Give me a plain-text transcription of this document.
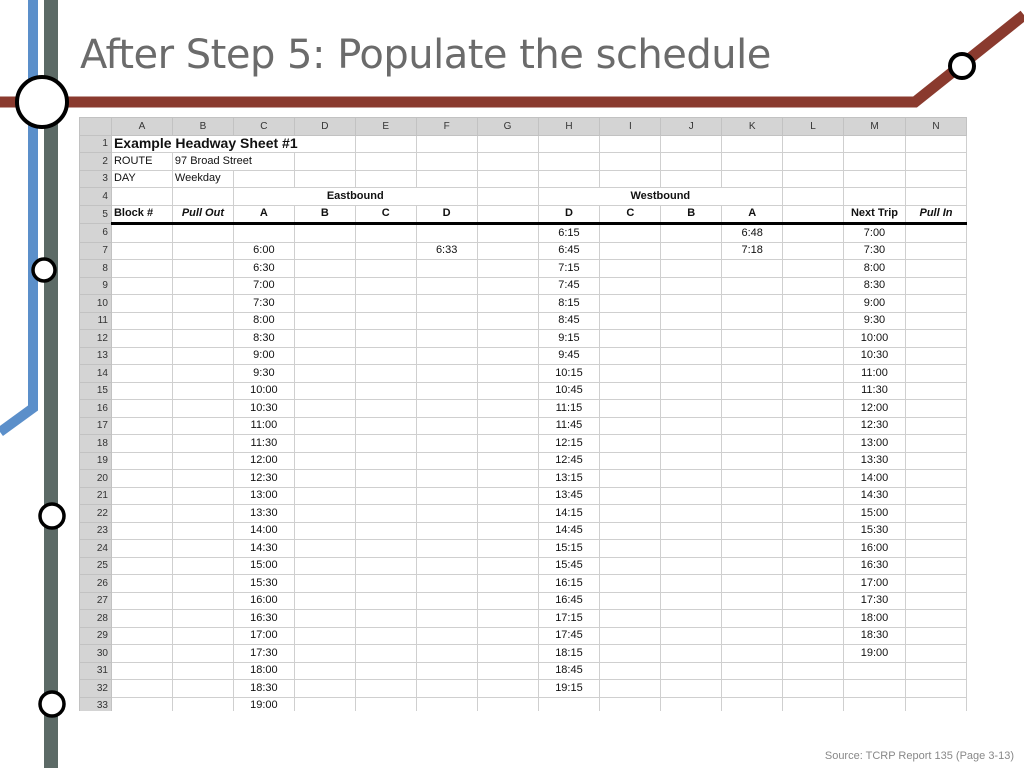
After Step 5: Populate the schedule
	A	B	C	D	E	F	G	H	I	J	K	L	M	N
1	Example Headway Sheet #1													
2	ROUTE	97 Broad Street												
3	DAY	Weekday												
4			Eastbound					Westbound						
5	Block #	Pull Out	A	B	C	D		D	C	B	A		Next Trip	Pull In
6								6:15			6:48		7:00	
7			6:00			6:33		6:45			7:18		7:30	
8			6:30					7:15					8:00	
9			7:00					7:45					8:30	
10			7:30					8:15					9:00	
11			8:00					8:45					9:30	
12			8:30					9:15					10:00	
13			9:00					9:45					10:30	
14			9:30					10:15					11:00	
15			10:00					10:45					11:30	
16			10:30					11:15					12:00	
17			11:00					11:45					12:30	
18			11:30					12:15					13:00	
19			12:00					12:45					13:30	
20			12:30					13:15					14:00	
21			13:00					13:45					14:30	
22			13:30					14:15					15:00	
23			14:00					14:45					15:30	
24			14:30					15:15					16:00	
25			15:00					15:45					16:30	
26			15:30					16:15					17:00	
27			16:00					16:45					17:30	
28			16:30					17:15					18:00	
29			17:00					17:45					18:30	
30			17:30					18:15					19:00	
31			18:00					18:45						
32			18:30					19:15						
33			19:00											

Source: TCRP Report 135 (Page 3-13)
